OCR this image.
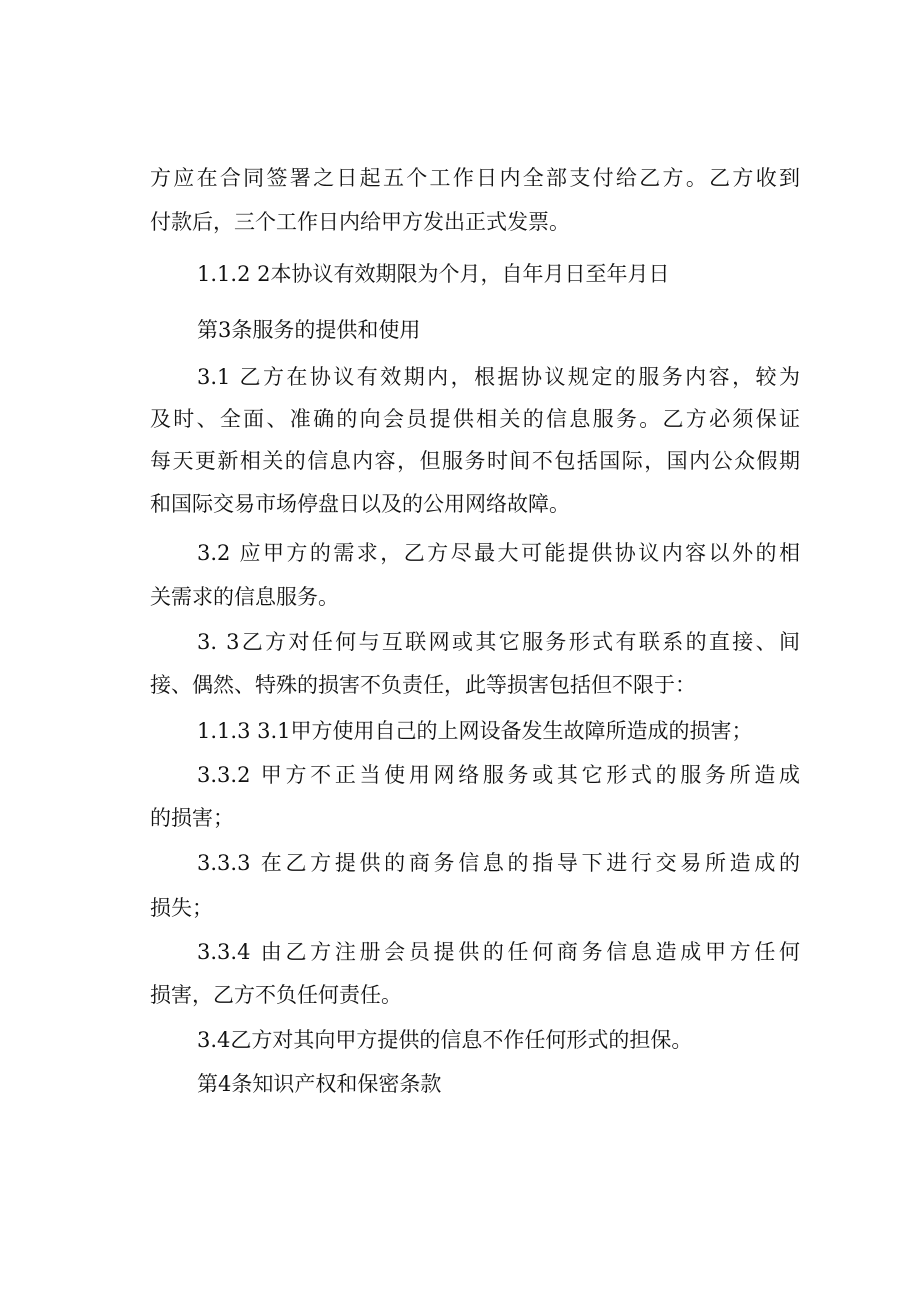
方应在合同签署之日起五个工作日内全部支付给乙方。乙方收到
付款后，三个工作日内给甲方发出正式发票。
1.1.2 2本协议有效期限为个月，自年月日至年月日
第3条服务的提供和使用
3.1 乙方在协议有效期内，根据协议规定的服务内容，较为
及时、全面、准确的向会员提供相关的信息服务。乙方必须保证
每天更新相关的信息内容，但服务时间不包括国际，国内公众假期
和国际交易市场停盘日以及的公用网络故障。
3.2 应甲方的需求，乙方尽最大可能提供协议内容以外的相
关需求的信息服务。
3. 3乙方对任何与互联网或其它服务形式有联系的直接、间
接、偶然、特殊的损害不负责任，此等损害包括但不限于：
1.1.3 3.1甲方使用自己的上网设备发生故障所造成的损害；
3.3.2 甲方不正当使用网络服务或其它形式的服务所造成
的损害；
3.3.3 在乙方提供的商务信息的指导下进行交易所造成的
损失；
3.3.4 由乙方注册会员提供的任何商务信息造成甲方任何
损害，乙方不负任何责任。
3.4乙方对其向甲方提供的信息不作任何形式的担保。
第4条知识产权和保密条款
